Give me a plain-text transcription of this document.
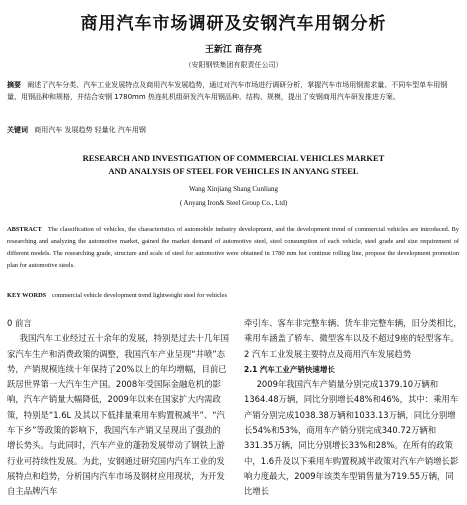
商用汽车市场调研及安钢汽车用钢分析
王新江 商存亮
（安阳钢铁集团有限责任公司）
摘要 阐述了汽车分类、汽车工业发展特点及商用汽车发展趋势，通过对汽车市场进行调研分析，掌握汽车市场用钢需求量、不同车型单车用钢量、用钢品种和规格，并结合安钢 1780mm 热连轧机组研发汽车用钢品种、结构、规模，提出了安钢商用汽车研发推进方案。
关键词 商用汽车 发展趋势 轻量化 汽车用钢
RESEARCH AND INVESTIGATION OF COMMERCIAL VEHICLES MARKET
AND ANALYSIS OF STEEL FOR VEHICLES IN ANYANG STEEL
Wang Xinjiang Shang Cunliang
( Anyang Iron& Steel Group Co., Ltd)
ABSTRACT The classification of vehicles, the characteristics of automobile industry development, and the development trend of commercial vehicles are introduced. By researching and analyzing the automotive market, gained the market demand of automotive steel, steel consumption of each vehicle, steel grade and size requirement of different models. The researching grade, structure and scale of steel for automotive were obtained in 1780 mm hot continue rolling line, propose the development promotion plan for automotive steels.
KEY WORDS commercial vehicle development trend lightweight steel for vehicles

0 前言

我国汽车工业经过五十余年的发展，特别是过去十几年国家汽车生产和消费政策的调整，我国汽车产业呈现“井喷”态势，产销规模连续十年保持了20%以上的年均增幅，目前已跃居世界第一大汽车生产国。2008年受国际金融危机的影响，汽车产销量大幅降低，2009年以来在国家扩大内需政策，特别是“1.6L 及其以下低排量乘用车购置税减半”、“汽车下乡”等政策的影响下，我国汽车产销又呈现出了强劲的增长势头。与此同时，汽车产业的蓬勃发展带动了钢铁上游行业可持续性发展。为此，安钢通过研究国内汽车工业的发展特点和趋势，分析国内汽车市场及钢材应用现状，为开发自主品牌汽车

牵引车、客车非完整车辆、货车非完整车辆，旧分类相比，乘用车涵盖了轿车、微型客车以及不超过9座的轻型客车。

2 汽车工业发展主要特点及商用汽车发展趋势

2.1 汽车工业产销快速增长

2009年我国汽车产销量分别完成1379.10万辆和1364.48万辆，同比分别增长48%和46%，其中：乘用车产销分别完成1038.38万辆和1033.13万辆，同比分别增长54%和53%，商用车产销分别完成340.72万辆和331.35万辆，同比分别增长33%和28%。在所有的政策中，1.6升及以下乘用车购置税减半政策对汽车产销增长影响力度最大，2009年该类车型销售量为719.55万辆，同比增长
